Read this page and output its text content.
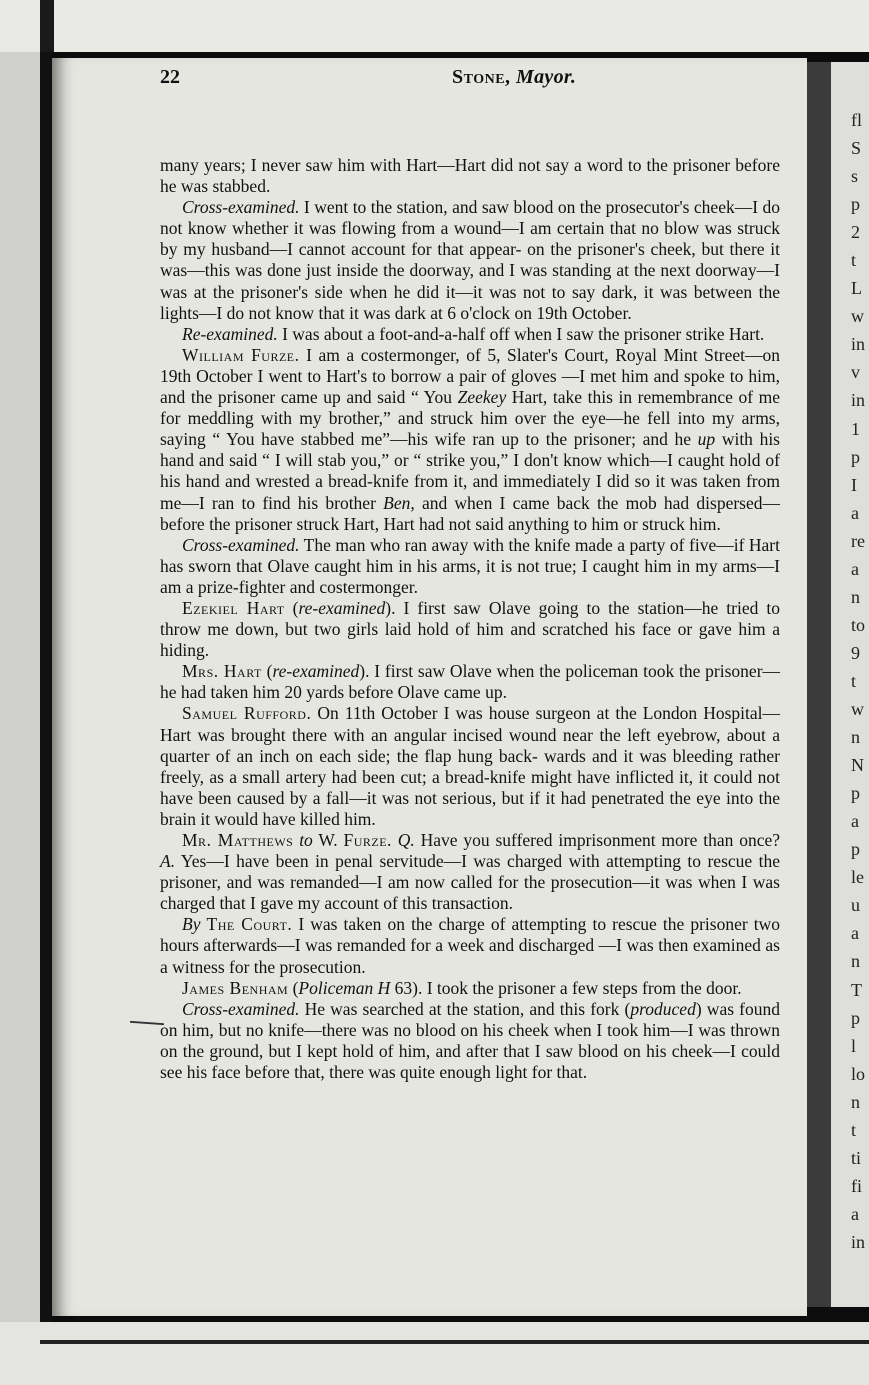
fl
S
s
p
2
t
L
w
in
v
in
1
p
I
a
re
a
n
to
9
t
w
n
N
p
a
p
le
u
a
n
T
p
l
lo
n
t
ti
fi
a
in
22	Stone, Mayor.

many years; I never saw him with Hart—Hart did not say a word to the prisoner before he was stabbed.

Cross-examined. I went to the station, and saw blood on the prosecutor's cheek—I do not know whether it was flowing from a wound—I am certain that no blow was struck by my husband—I cannot account for that appear- on the prisoner's cheek, but there it was—this was done just inside the doorway, and I was standing at the next doorway—I was at the prisoner's side when he did it—it was not to say dark, it was between the lights—I do not know that it was dark at 6 o'clock on 19th October.

Re-examined. I was about a foot-and-a-half off when I saw the prisoner strike Hart.

William Furze. I am a costermonger, of 5, Slater's Court, Royal Mint Street—on 19th October I went to Hart's to borrow a pair of gloves —I met him and spoke to him, and the prisoner came up and said “ You Zeekey Hart, take this in remembrance of me for meddling with my brother,” and struck him over the eye—he fell into my arms, saying “ You have stabbed me”—his wife ran up to the prisoner; and he up with his hand and said “ I will stab you,” or “ strike you,” I don't know which—I caught hold of his hand and wrested a bread-knife from it, and immediately I did so it was taken from me—I ran to find his brother Ben, and when I came back the mob had dispersed—before the prisoner struck Hart, Hart had not said anything to him or struck him.

Cross-examined. The man who ran away with the knife made a party of five—if Hart has sworn that Olave caught him in his arms, it is not true; I caught him in my arms—I am a prize-fighter and costermonger.

Ezekiel Hart (re-examined). I first saw Olave going to the station—he tried to throw me down, but two girls laid hold of him and scratched his face or gave him a hiding.

Mrs. Hart (re-examined). I first saw Olave when the policeman took the prisoner—he had taken him 20 yards before Olave came up.

Samuel Rufford. On 11th October I was house surgeon at the London Hospital—Hart was brought there with an angular incised wound near the left eyebrow, about a quarter of an inch on each side; the flap hung back- wards and it was bleeding rather freely, as a small artery had been cut; a bread-knife might have inflicted it, it could not have been caused by a fall—it was not serious, but if it had penetrated the eye into the brain it would have killed him.

Mr. Matthews to W. Furze. Q. Have you suffered imprisonment more than once? A. Yes—I have been in penal servitude—I was charged with attempting to rescue the prisoner, and was remanded—I am now called for the prosecution—it was when I was charged that I gave my account of this transaction.

By The Court. I was taken on the charge of attempting to rescue the prisoner two hours afterwards—I was remanded for a week and discharged —I was then examined as a witness for the prosecution.

James Benham (Policeman H 63). I took the prisoner a few steps from the door.

Cross-examined. He was searched at the station, and this fork (produced) was found on him, but no knife—there was no blood on his cheek when I took him—I was thrown on the ground, but I kept hold of him, and after that I saw blood on his cheek—I could see his face before that, there was quite enough light for that.
